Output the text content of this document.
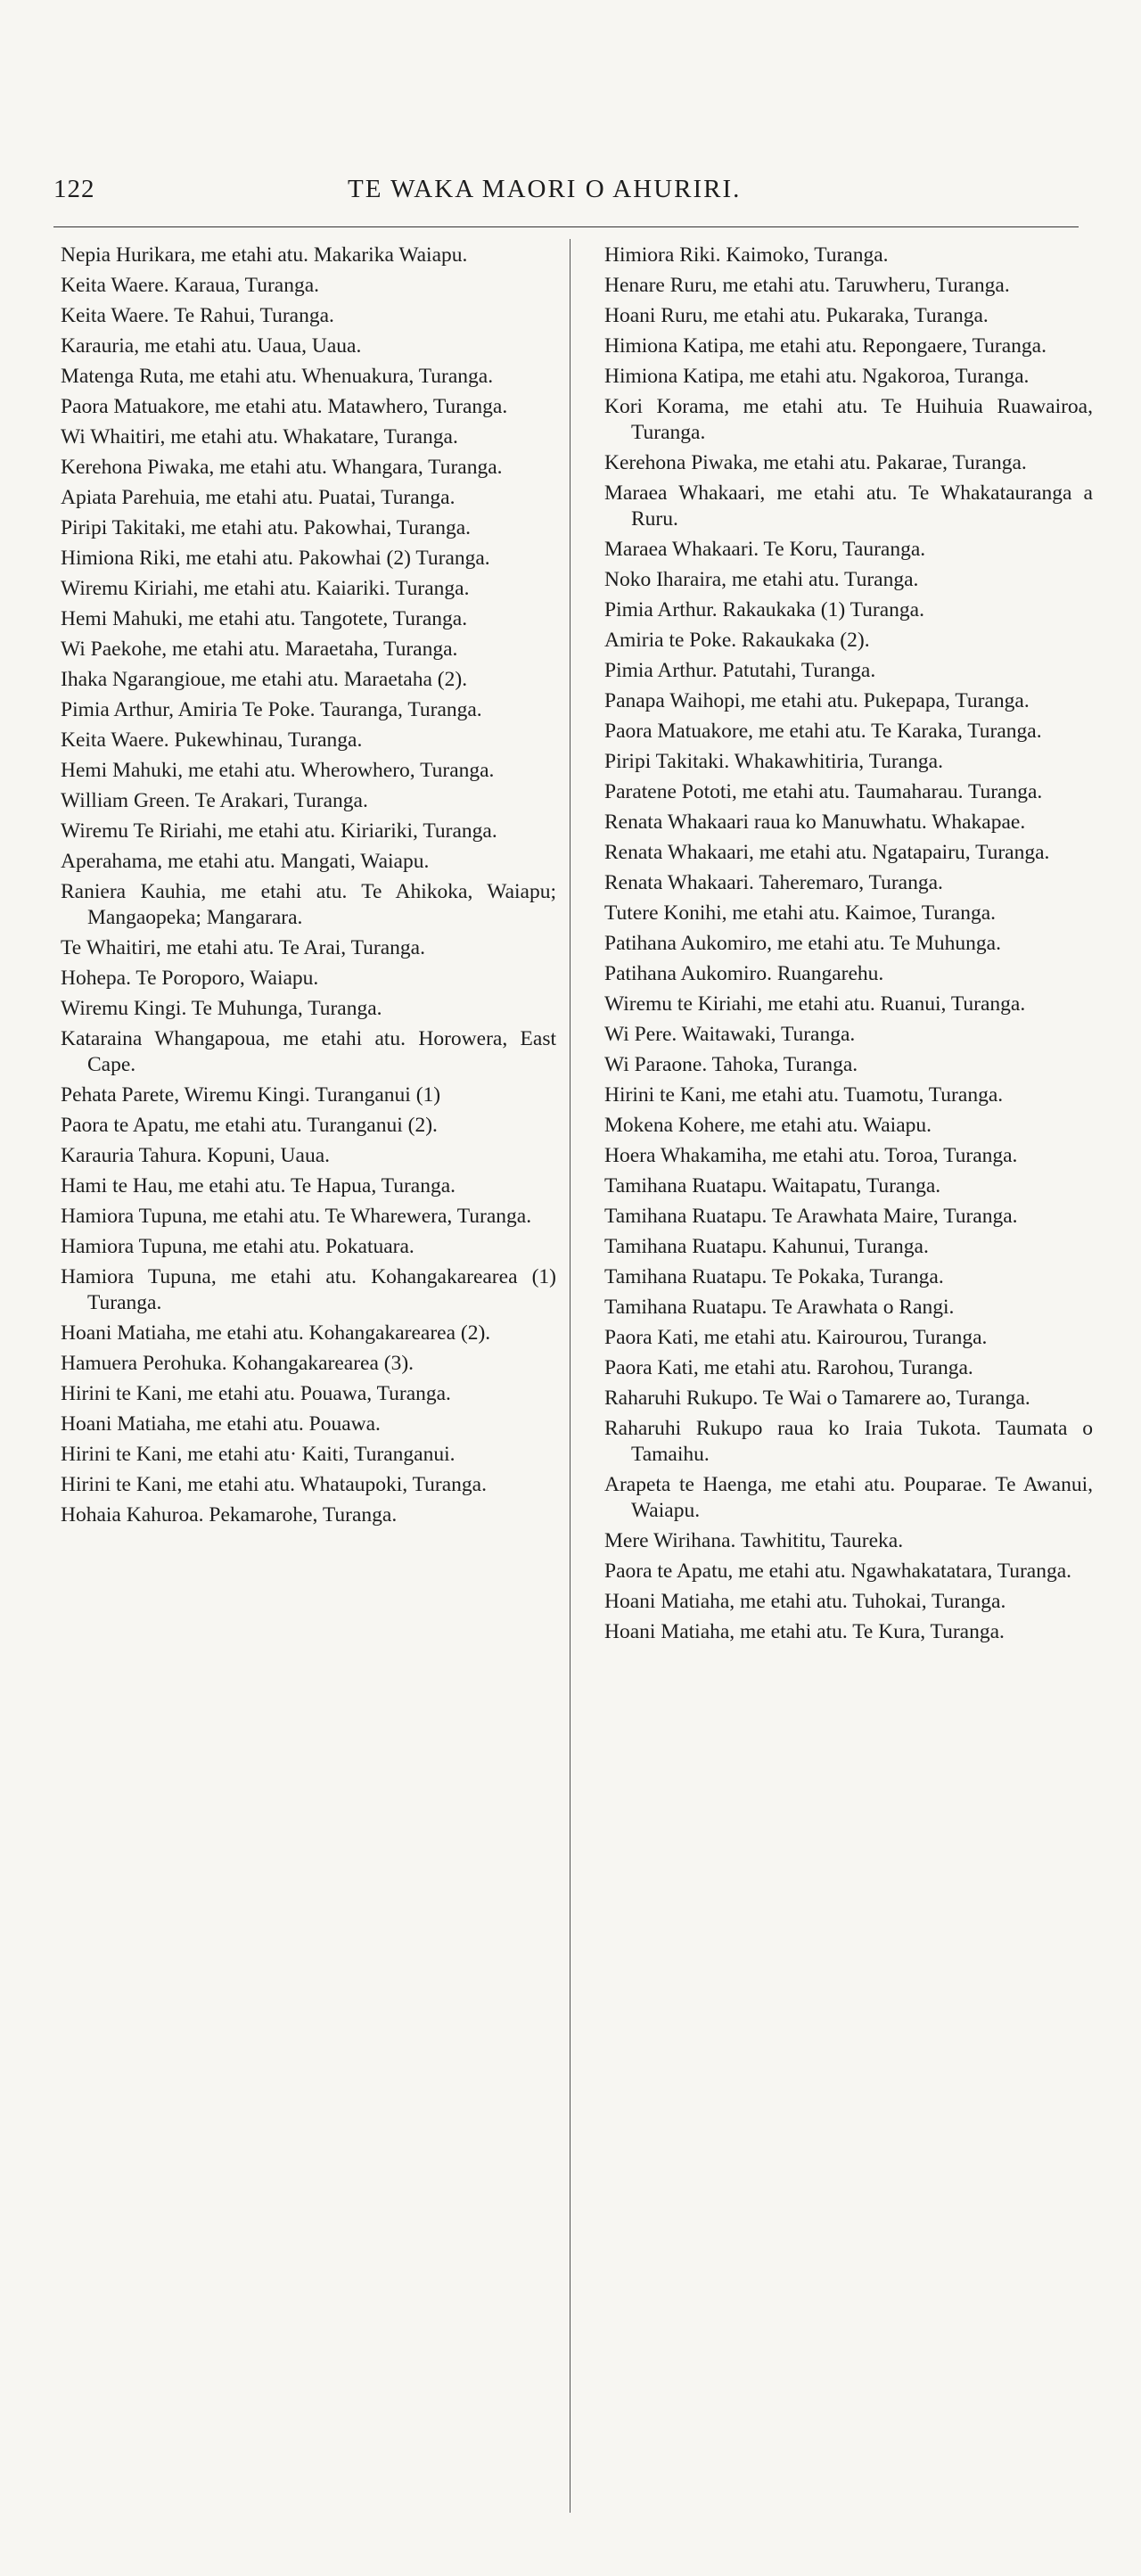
122	TE WAKA MAORI O AHURIRI.

Nepia Hurikara, me etahi atu. Makarika Waiapu.

Keita Waere. Karaua, Turanga.

Keita Waere. Te Rahui, Turanga.

Karauria, me etahi atu. Uaua, Uaua.

Matenga Ruta, me etahi atu. Whenuakura, Turanga.

Paora Matuakore, me etahi atu. Matawhero, Turanga.

Wi Whaitiri, me etahi atu. Whakatare, Turanga.

Kerehona Piwaka, me etahi atu. Whangara, Turanga.

Apiata Parehuia, me etahi atu. Puatai, Turanga.

Piripi Takitaki, me etahi atu. Pakowhai, Turanga.

Himiona Riki, me etahi atu. Pakowhai (2) Turanga.

Wiremu Kiriahi, me etahi atu. Kaiariki. Turanga.

Hemi Mahuki, me etahi atu. Tangotete, Turanga.

Wi Paekohe, me etahi atu. Maraetaha, Turanga.

Ihaka Ngarangioue, me etahi atu. Maraetaha (2).

Pimia Arthur, Amiria Te Poke. Tauranga, Turanga.

Keita Waere. Pukewhinau, Turanga.

Hemi Mahuki, me etahi atu. Wherowhero, Turanga.

William Green. Te Arakari, Turanga.

Wiremu Te Ririahi, me etahi atu. Kiriariki, Turanga.

Aperahama, me etahi atu. Mangati, Waiapu.

Raniera Kauhia, me etahi atu. Te Ahikoka, Waiapu; Mangaopeka; Mangarara.

Te Whaitiri, me etahi atu. Te Arai, Turanga.

Hohepa. Te Poroporo, Waiapu.

Wiremu Kingi. Te Muhunga, Turanga.

Kataraina Whangapoua, me etahi atu. Horowera, East Cape.

Pehata Parete, Wiremu Kingi. Turanganui (1)

Paora te Apatu, me etahi atu. Turanganui (2).

Karauria Tahura. Kopuni, Uaua.

Hami te Hau, me etahi atu. Te Hapua, Turanga.

Hamiora Tupuna, me etahi atu. Te Wharewera, Turanga.

Hamiora Tupuna, me etahi atu. Pokatuara.

Hamiora Tupuna, me etahi atu. Kohangakarearea (1) Turanga.

Hoani Matiaha, me etahi atu. Kohangakarearea (2).

Hamuera Perohuka. Kohangakarearea (3).

Hirini te Kani, me etahi atu. Pouawa, Turanga.

Hoani Matiaha, me etahi atu. Pouawa.

Hirini te Kani, me etahi atu· Kaiti, Turanganui.

Hirini te Kani, me etahi atu. Whataupoki, Turanga.

Hohaia Kahuroa. Pekamarohe, Turanga.

Himiora Riki. Kaimoko, Turanga.

Henare Ruru, me etahi atu. Taruwheru, Turanga.

Hoani Ruru, me etahi atu. Pukaraka, Turanga.

Himiona Katipa, me etahi atu. Repongaere, Turanga.

Himiona Katipa, me etahi atu. Ngakoroa, Turanga.

Kori Korama, me etahi atu. Te Huihuia Ruawairoa, Turanga.

Kerehona Piwaka, me etahi atu. Pakarae, Turanga.

Maraea Whakaari, me etahi atu. Te Whakatauranga a Ruru.

Maraea Whakaari. Te Koru, Tauranga.

Noko Iharaira, me etahi atu. Turanga.

Pimia Arthur. Rakaukaka (1) Turanga.

Amiria te Poke. Rakaukaka (2).

Pimia Arthur. Patutahi, Turanga.

Panapa Waihopi, me etahi atu. Pukepapa, Turanga.

Paora Matuakore, me etahi atu. Te Karaka, Turanga.

Piripi Takitaki. Whakawhitiria, Turanga.

Paratene Pototi, me etahi atu. Taumaharau. Turanga.

Renata Whakaari raua ko Manuwhatu. Whakapae.

Renata Whakaari, me etahi atu. Ngatapairu, Turanga.

Renata Whakaari. Taheremaro, Turanga.

Tutere Konihi, me etahi atu. Kaimoe, Turanga.

Patihana Aukomiro, me etahi atu. Te Muhunga.

Patihana Aukomiro. Ruangarehu.

Wiremu te Kiriahi, me etahi atu. Ruanui, Turanga.

Wi Pere. Waitawaki, Turanga.

Wi Paraone. Tahoka, Turanga.

Hirini te Kani, me etahi atu. Tuamotu, Turanga.

Mokena Kohere, me etahi atu. Waiapu.

Hoera Whakamiha, me etahi atu. Toroa, Turanga.

Tamihana Ruatapu. Waitapatu, Turanga.

Tamihana Ruatapu. Te Arawhata Maire, Turanga.

Tamihana Ruatapu. Kahunui, Turanga.

Tamihana Ruatapu. Te Pokaka, Turanga.

Tamihana Ruatapu. Te Arawhata o Rangi.

Paora Kati, me etahi atu. Kairourou, Turanga.

Paora Kati, me etahi atu. Rarohou, Turanga.

Raharuhi Rukupo. Te Wai o Tamarere ao, Turanga.

Raharuhi Rukupo raua ko Iraia Tukota. Taumata o Tamaihu.

Arapeta te Haenga, me etahi atu. Pouparae. Te Awanui, Waiapu.

Mere Wirihana. Tawhititu, Taureka.

Paora te Apatu, me etahi atu. Ngawhakatatara, Turanga.

Hoani Matiaha, me etahi atu. Tuhokai, Turanga.

Hoani Matiaha, me etahi atu. Te Kura, Turanga.
